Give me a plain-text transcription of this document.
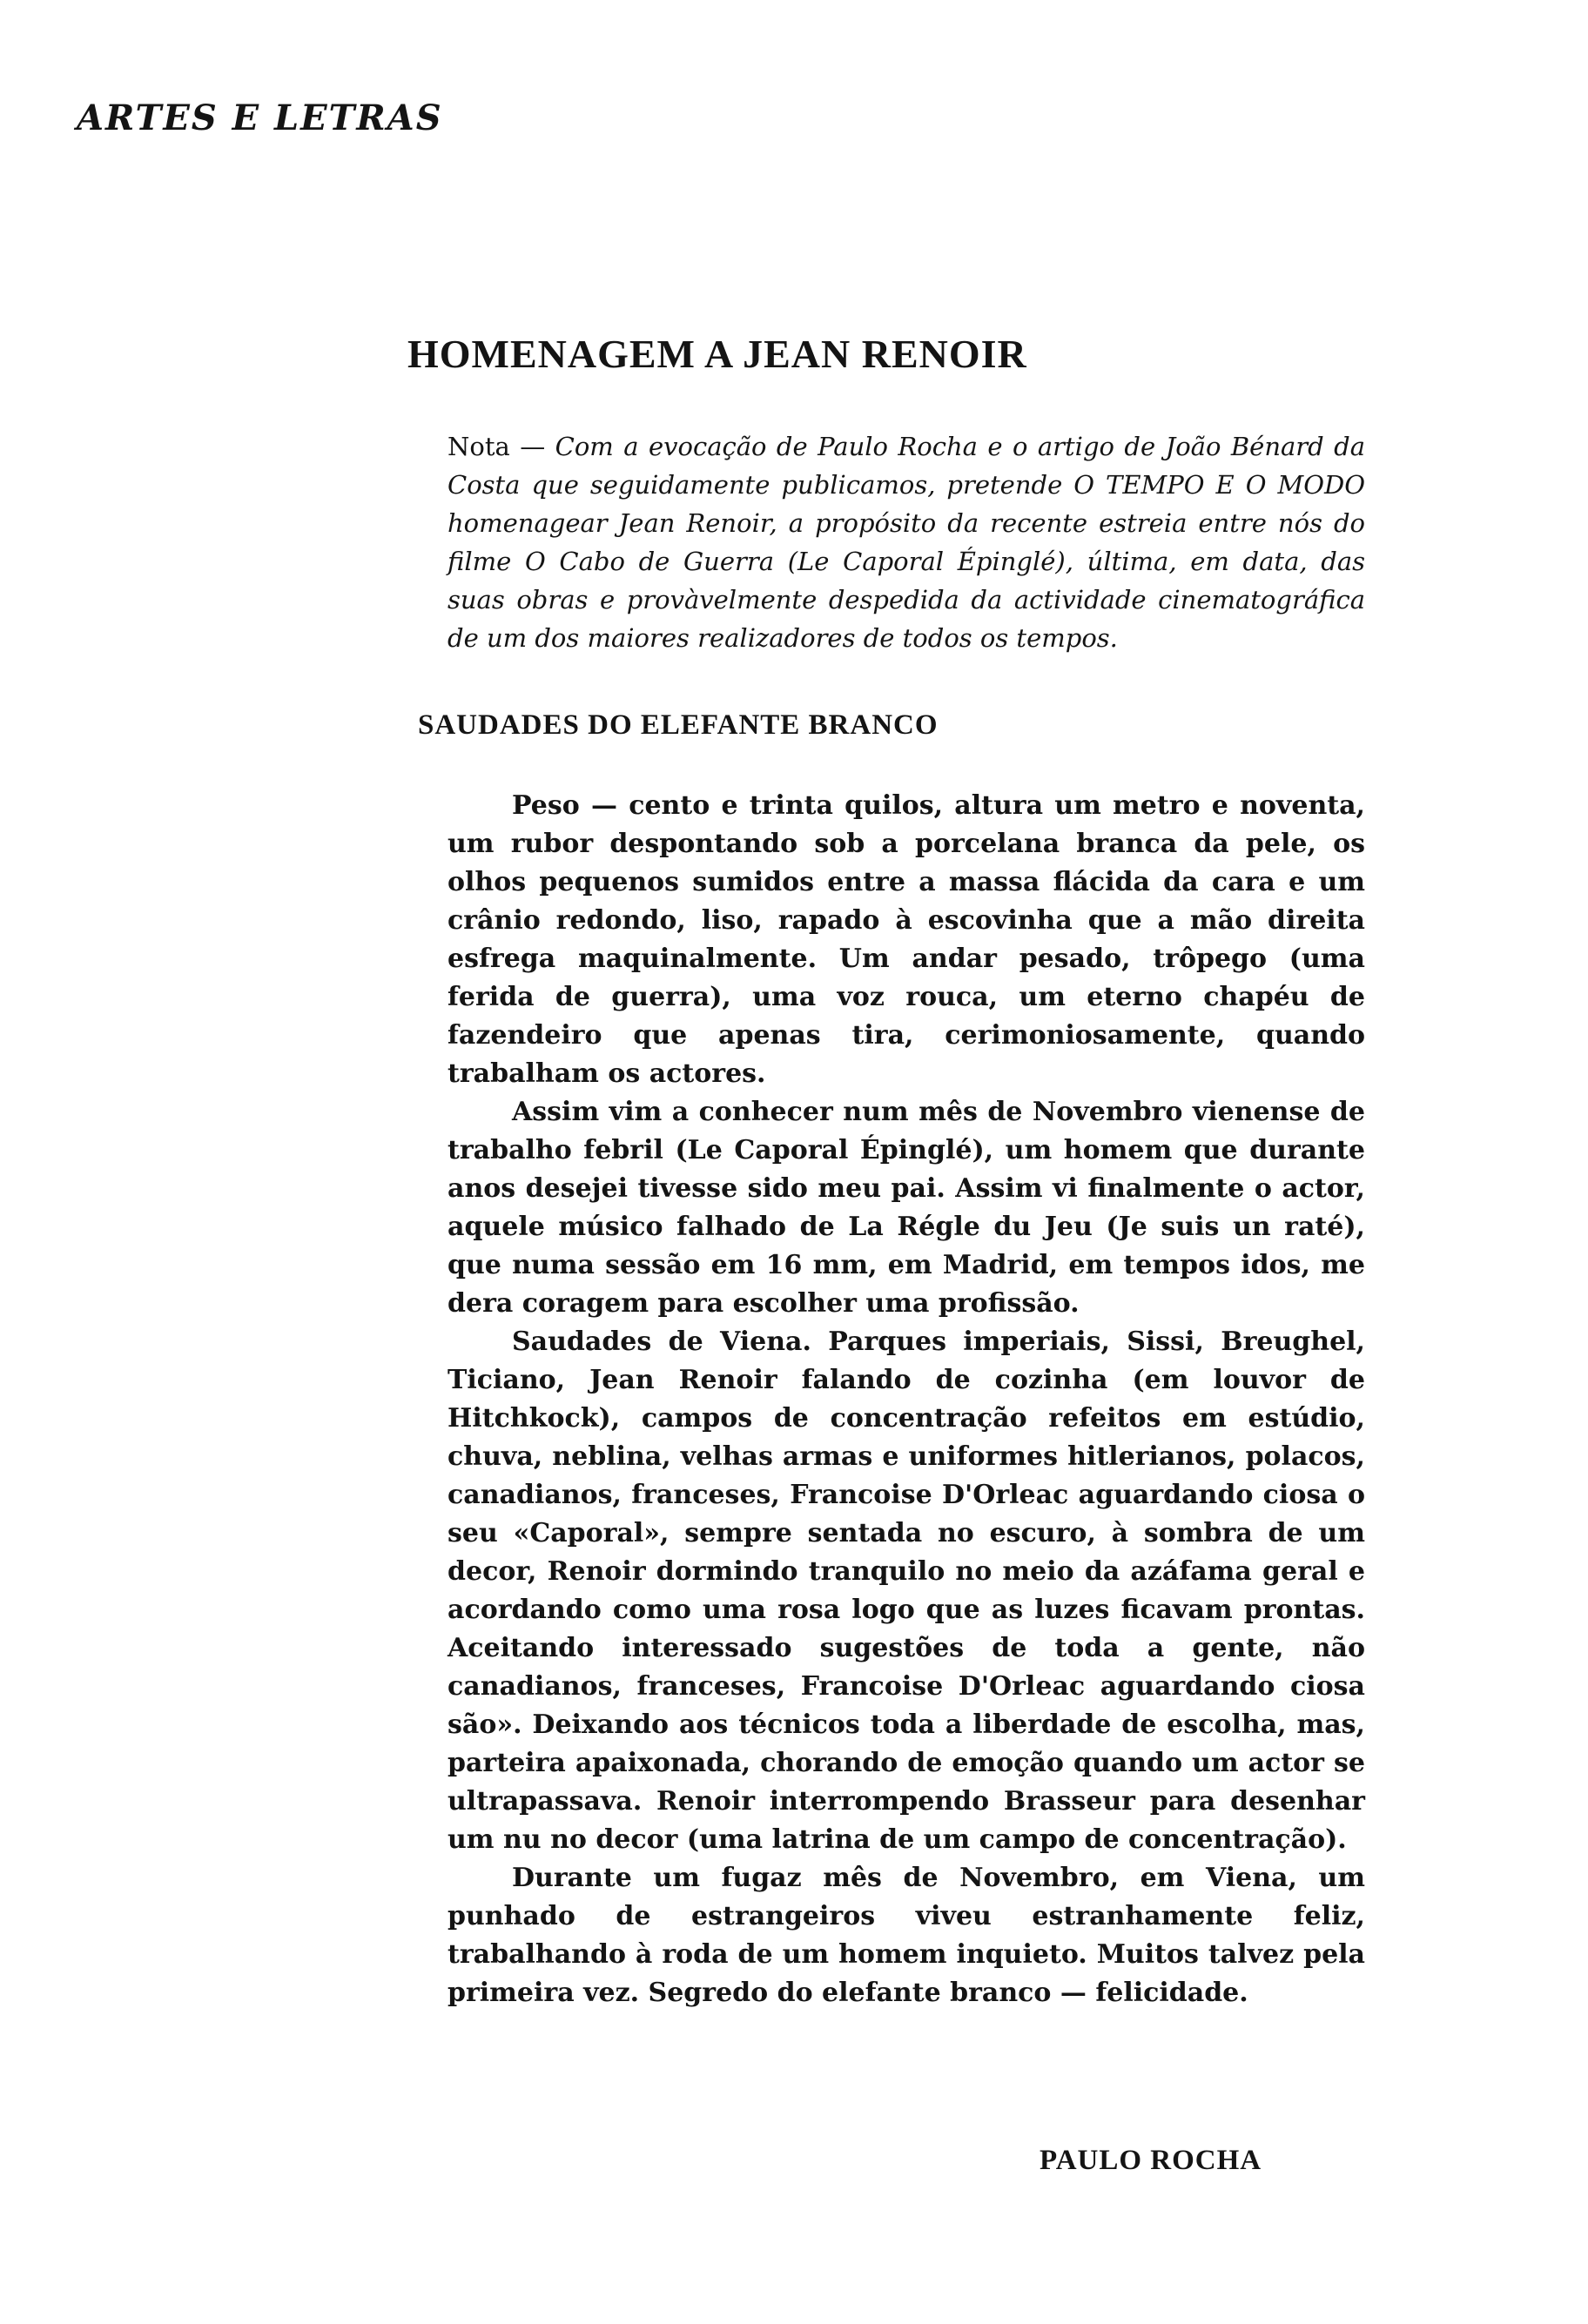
ARTES E LETRAS
HOMENAGEM A JEAN RENOIR

Nota — Com a evocação de Paulo Rocha e o artigo de João Bénard da Costa que seguidamente publicamos, pretende O TEMPO E O MODO homenagear Jean Renoir, a propósito da recente estreia entre nós do filme O Cabo de Guerra (Le Caporal Épinglé), última, em data, das suas obras e provàvelmente despedida da actividade cinematográfica de um dos maiores realizadores de todos os tempos.

SAUDADES DO ELEFANTE BRANCO

Peso — cento e trinta quilos, altura um metro e noventa, um rubor despontando sob a porcelana branca da pele, os olhos pequenos sumidos entre a massa flácida da cara e um crânio redondo, liso, rapado à escovinha que a mão direita esfrega maquinalmente. Um andar pesado, trôpego (uma ferida de guerra), uma voz rouca, um eterno chapéu de fazendeiro que apenas tira, cerimoniosamente, quando trabalham os actores.

Assim vim a conhecer num mês de Novembro vienense de trabalho febril (Le Caporal Épinglé), um homem que durante anos desejei tivesse sido meu pai. Assim vi finalmente o actor, aquele músico falhado de La Régle du Jeu (Je suis un raté), que numa sessão em 16 mm, em Madrid, em tempos idos, me dera coragem para escolher uma profissão.

Saudades de Viena. Parques imperiais, Sissi, Breughel, Ticiano, Jean Renoir falando de cozinha (em louvor de Hitchkock), campos de concentração refeitos em estúdio, chuva, neblina, velhas armas e uniformes hitlerianos, polacos, canadianos, franceses, Francoise D'Orleac aguardando ciosa o seu «Caporal», sempre sentada no escuro, à sombra de um decor, Renoir dormindo tranquilo no meio da azáfama geral e acordando como uma rosa logo que as luzes ficavam prontas. Aceitando interessado sugestões de toda a gente, não canadianos, franceses, Francoise D'Orleac aguardando ciosa são». Deixando aos técnicos toda a liberdade de escolha, mas, parteira apaixonada, chorando de emoção quando um actor se ultrapassava. Renoir interrompendo Brasseur para desenhar um nu no decor (uma latrina de um campo de concentração).

Durante um fugaz mês de Novembro, em Viena, um punhado de estrangeiros viveu estranhamente feliz, trabalhando à roda de um homem inquieto. Muitos talvez pela primeira vez. Segredo do elefante branco — felicidade.

PAULO ROCHA
